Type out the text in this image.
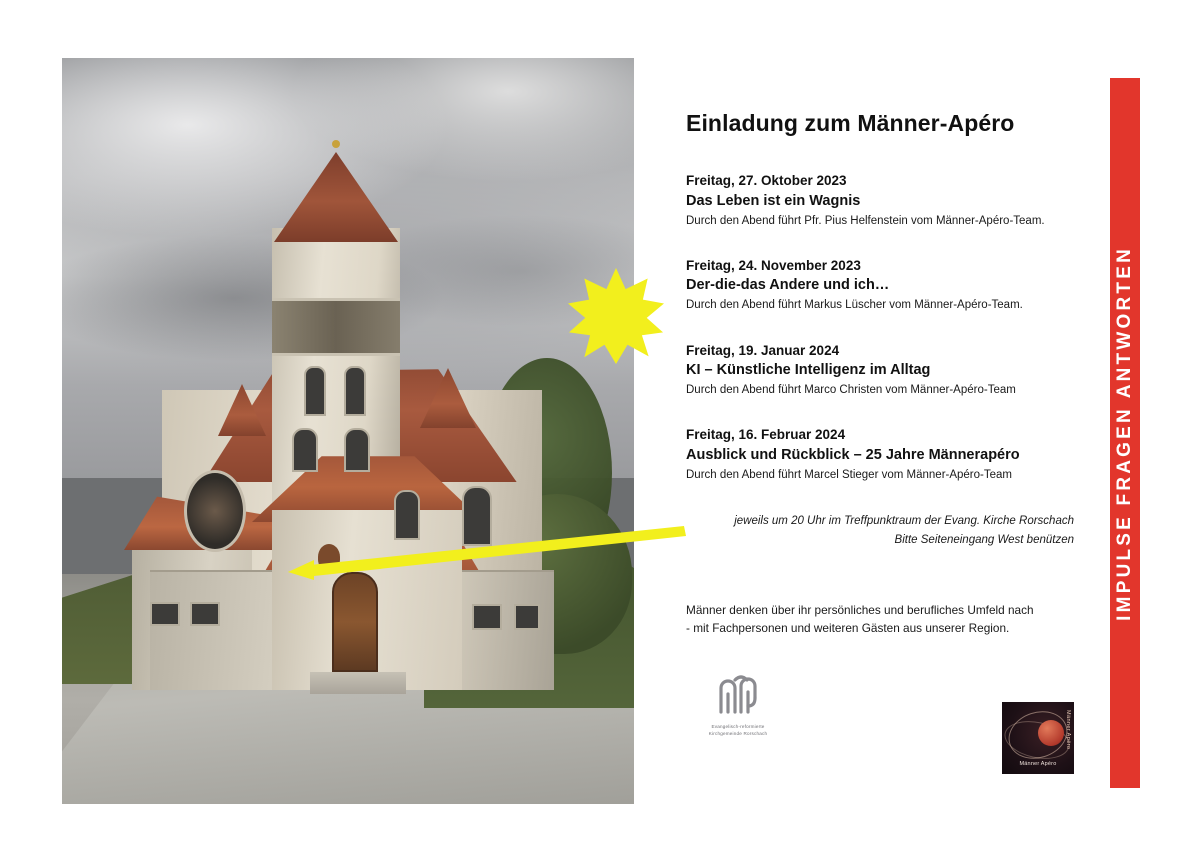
Einladung zum Männer-Apéro
Freitag, 27. Oktober 2023
Das Leben ist ein Wagnis
Durch den Abend führt Pfr. Pius Helfenstein vom Männer-Apéro-Team.
Freitag, 24. November 2023
Der-die-das Andere und ich…
Durch den Abend führt Markus Lüscher vom Männer-Apéro-Team.
Freitag, 19. Januar 2024
KI – Künstliche Intelligenz im Alltag
Durch den Abend führt Marco Christen vom Männer-Apéro-Team
Freitag, 16. Februar 2024
Ausblick und Rückblick – 25 Jahre Männerapéro
Durch den Abend führt Marcel Stieger vom Männer-Apéro-Team
jeweils um 20 Uhr im Treffpunktraum der Evang. Kirche Rorschach
Bitte Seiteneingang West benützen
Männer denken über ihr persönliches und berufliches Umfeld nach
- mit Fachpersonen und weiteren Gästen aus unserer Region.
Evangelisch-reformierte
Kirchgemeinde Rorschach	Männer Apéro
Männer Apéro
IMPULSE FRAGEN ANTWORTEN
